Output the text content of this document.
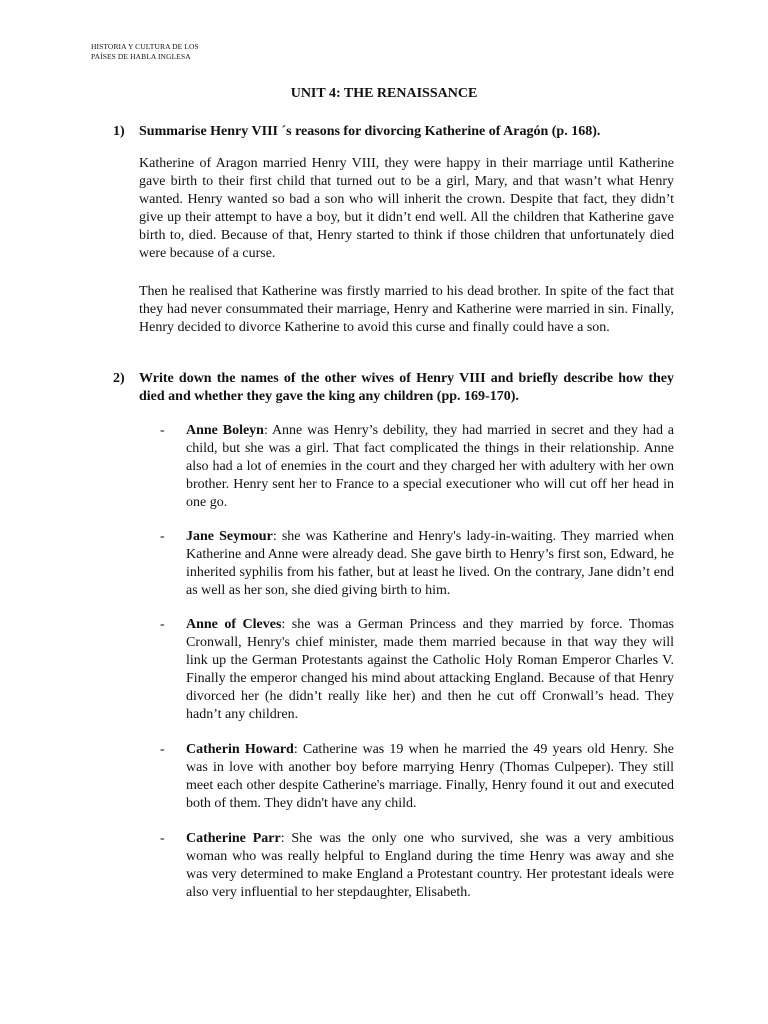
HISTORIA Y CULTURA DE LOS
PAÍSES DE HABLA INGLESA
UNIT 4: THE RENAISSANCE
1) Summarise Henry VIII ´s reasons for divorcing Katherine of Aragón (p. 168).
Katherine of Aragon married Henry VIII, they were happy in their marriage until Katherine gave birth to their first child that turned out to be a girl, Mary, and that wasn’t what Henry wanted. Henry wanted so bad a son who will inherit the crown. Despite that fact, they didn’t give up their attempt to have a boy, but it didn’t end well. All the children that Katherine gave birth to, died. Because of that, Henry started to think if those children that unfortunately died were because of a curse.
Then he realised that Katherine was firstly married to his dead brother. In spite of the fact that they had never consummated their marriage, Henry and Katherine were married in sin. Finally, Henry decided to divorce Katherine to avoid this curse and finally could have a son.
2) Write down the names of the other wives of Henry VIII and briefly describe how they died and whether they gave the king any children (pp. 169-170).
- Anne Boleyn: Anne was Henry’s debility, they had married in secret and they had a child, but she was a girl. That fact complicated the things in their relationship. Anne also had a lot of enemies in the court and they charged her with adultery with her own brother. Henry sent her to France to a special executioner who will cut off her head in one go.
- Jane Seymour: she was Katherine and Henry's lady-in-waiting. They married when Katherine and Anne were already dead. She gave birth to Henry’s first son, Edward, he inherited syphilis from his father, but at least he lived. On the contrary, Jane didn’t end as well as her son, she died giving birth to him.
- Anne of Cleves: she was a German Princess and they married by force. Thomas Cronwall, Henry's chief minister, made them married because in that way they will link up the German Protestants against the Catholic Holy Roman Emperor Charles V. Finally the emperor changed his mind about attacking England. Because of that Henry divorced her (he didn’t really like her) and then he cut off Cronwall’s head. They hadn’t any children.
- Catherin Howard: Catherine was 19 when he married the 49 years old Henry. She was in love with another boy before marrying Henry (Thomas Culpeper). They still meet each other despite Catherine's marriage. Finally, Henry found it out and executed both of them. They didn't have any child.
- Catherine Parr: She was the only one who survived, she was a very ambitious woman who was really helpful to England during the time Henry was away and she was very determined to make England a Protestant country. Her protestant ideals were also very influential to her stepdaughter, Elisabeth.
